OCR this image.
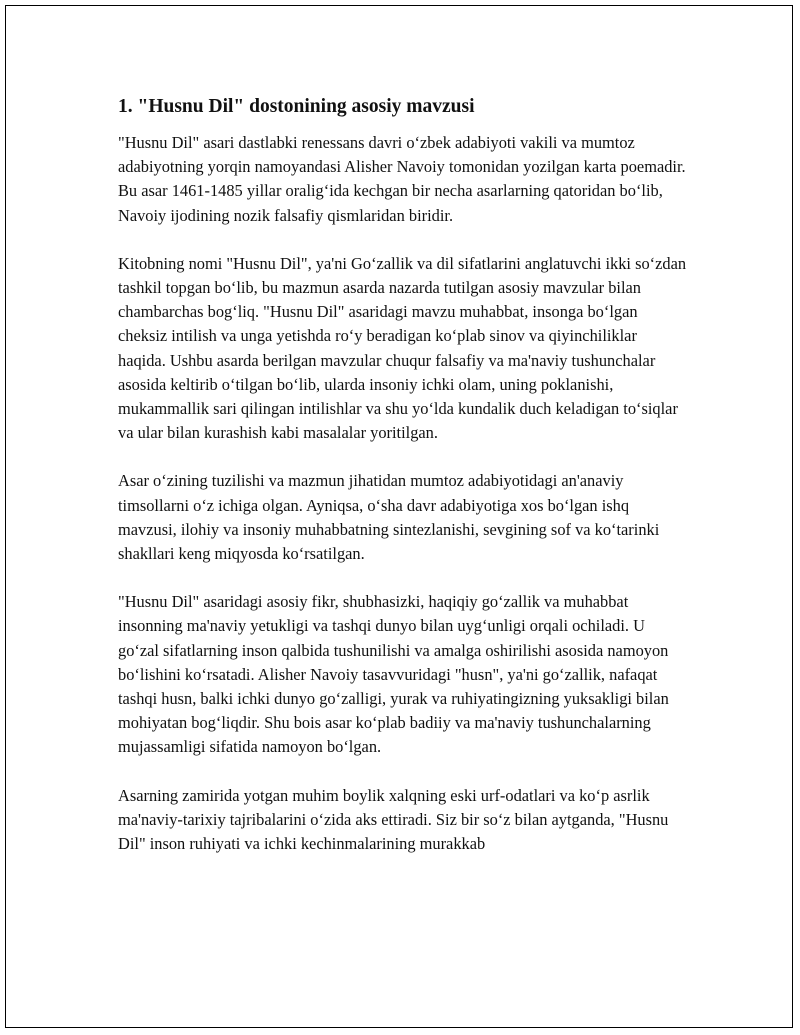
1. "Husnu Dil" dostonining asosiy mavzusi

"Husnu Dil" asari dastlabki renessans davri o‘zbek adabiyoti vakili va mumtoz adabiyotning yorqin namoyandasi Alisher Navoiy tomonidan yozilgan karta poemadir. Bu asar 1461-1485 yillar oralig‘ida kechgan bir necha asarlarning qatoridan bo‘lib, Navoiy ijodining nozik falsafiy qismlaridan biridir.

Kitobning nomi "Husnu Dil", ya'ni Go‘zallik va dil sifatlarini anglatuvchi ikki so‘zdan tashkil topgan bo‘lib, bu mazmun asarda nazarda tutilgan asosiy mavzular bilan chambarchas bog‘liq. "Husnu Dil" asaridagi mavzu muhabbat, insonga bo‘lgan cheksiz intilish va unga yetishda ro‘y beradigan ko‘plab sinov va qiyinchiliklar haqida. Ushbu asarda berilgan mavzular chuqur falsafiy va ma'naviy tushunchalar asosida keltirib o‘tilgan bo‘lib, ularda insoniy ichki olam, uning poklanishi, mukammallik sari qilingan intilishlar va shu yo‘lda kundalik duch keladigan to‘siqlar va ular bilan kurashish kabi masalalar yoritilgan.

Asar o‘zining tuzilishi va mazmun jihatidan mumtoz adabiyotidagi an'anaviy timsollarni o‘z ichiga olgan. Ayniqsa, o‘sha davr adabiyotiga xos bo‘lgan ishq mavzusi, ilohiy va insoniy muhabbatning sintezlanishi, sevgining sof va ko‘tarinki shakllari keng miqyosda ko‘rsatilgan.

"Husnu Dil" asaridagi asosiy fikr, shubhasizki, haqiqiy go‘zallik va muhabbat insonning ma'naviy yetukligi va tashqi dunyo bilan uyg‘unligi orqali ochiladi. U go‘zal sifatlarning inson qalbida tushunilishi va amalga oshirilishi asosida namoyon bo‘lishini ko‘rsatadi. Alisher Navoiy tasavvuridagi "husn", ya'ni go‘zallik, nafaqat tashqi husn, balki ichki dunyo go‘zalligi, yurak va ruhiyatingizning yuksakligi bilan mohiyatan bog‘liqdir. Shu bois asar ko‘plab badiiy va ma'naviy tushunchalarning mujassamligi sifatida namoyon bo‘lgan.

Asarning zamirida yotgan muhim boylik xalqning eski urf-odatlari va ko‘p asrlik ma'naviy-tarixiy tajribalarini o‘zida aks ettiradi. Siz bir so‘z bilan aytganda, "Husnu Dil" inson ruhiyati va ichki kechinmalarining murakkab
